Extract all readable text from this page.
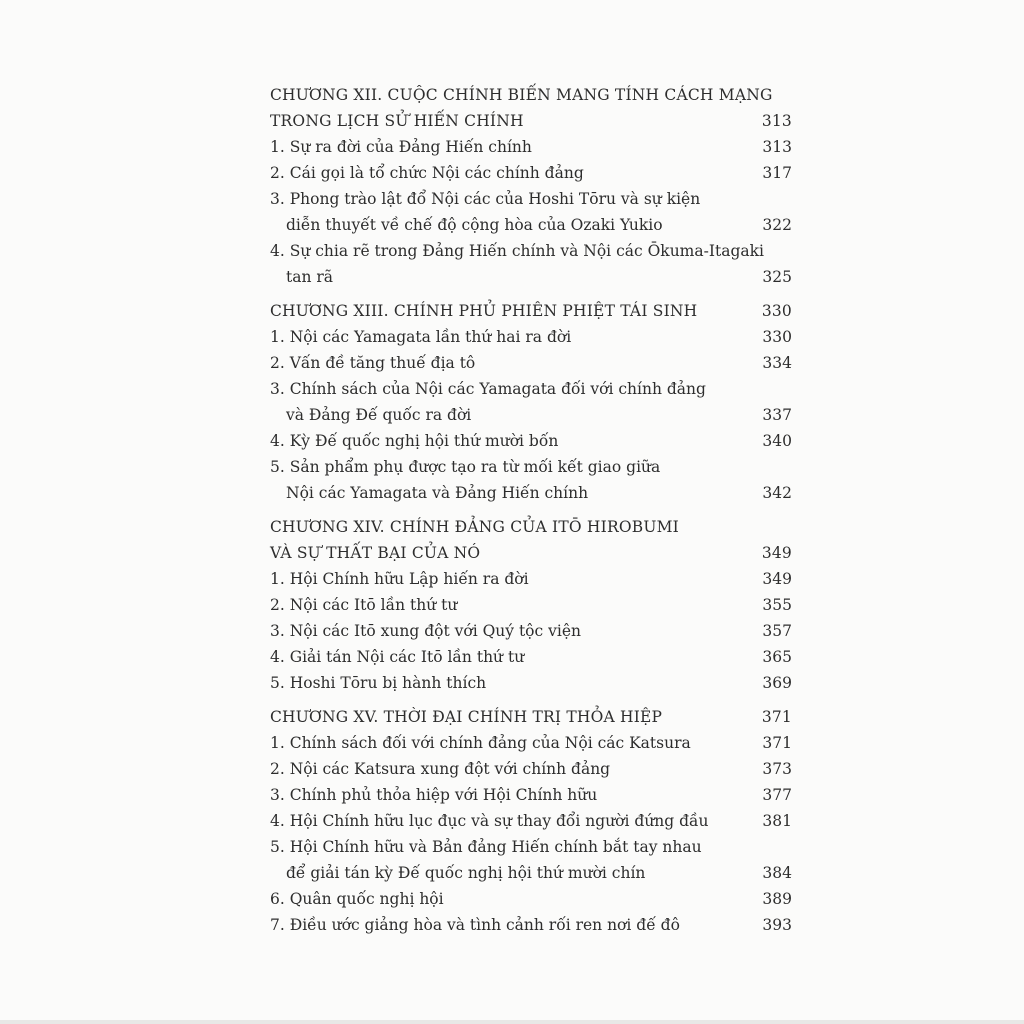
CHƯƠNG XII. CUỘC CHÍNH BIẾN MANG TÍNH CÁCH MẠNG
TRONG LỊCH SỬ HIẾN CHÍNH	313
1. Sự ra đời của Đảng Hiến chính	313
2. Cái gọi là tổ chức Nội các chính đảng	317
3. Phong trào lật đổ Nội các của Hoshi Tōru và sự kiện
diễn thuyết về chế độ cộng hòa của Ozaki Yukio	322
4. Sự chia rẽ trong Đảng Hiến chính và Nội các Ōkuma-Itagaki
tan rã	325
CHƯƠNG XIII. CHÍNH PHỦ PHIÊN PHIỆT TÁI SINH	330
1. Nội các Yamagata lần thứ hai ra đời	330
2. Vấn đề tăng thuế địa tô	334
3. Chính sách của Nội các Yamagata đối với chính đảng
và Đảng Đế quốc ra đời	337
4. Kỳ Đế quốc nghị hội thứ mười bốn	340
5. Sản phẩm phụ được tạo ra từ mối kết giao giữa
Nội các Yamagata và Đảng Hiến chính	342
CHƯƠNG XIV. CHÍNH ĐẢNG CỦA ITŌ HIROBUMI
VÀ SỰ THẤT BẠI CỦA NÓ	349
1. Hội Chính hữu Lập hiến ra đời	349
2. Nội các Itō lần thứ tư	355
3. Nội các Itō xung đột với Quý tộc viện	357
4. Giải tán Nội các Itō lần thứ tư	365
5. Hoshi Tōru bị hành thích	369
CHƯƠNG XV. THỜI ĐẠI CHÍNH TRỊ THỎA HIỆP	371
1. Chính sách đối với chính đảng của Nội các Katsura	371
2. Nội các Katsura xung đột với chính đảng	373
3. Chính phủ thỏa hiệp với Hội Chính hữu	377
4. Hội Chính hữu lục đục và sự thay đổi người đứng đầu	381
5. Hội Chính hữu và Bản đảng Hiến chính bắt tay nhau
để giải tán kỳ Đế quốc nghị hội thứ mười chín	384
6. Quân quốc nghị hội	389
7. Điều ước giảng hòa và tình cảnh rối ren nơi đế đô	393
